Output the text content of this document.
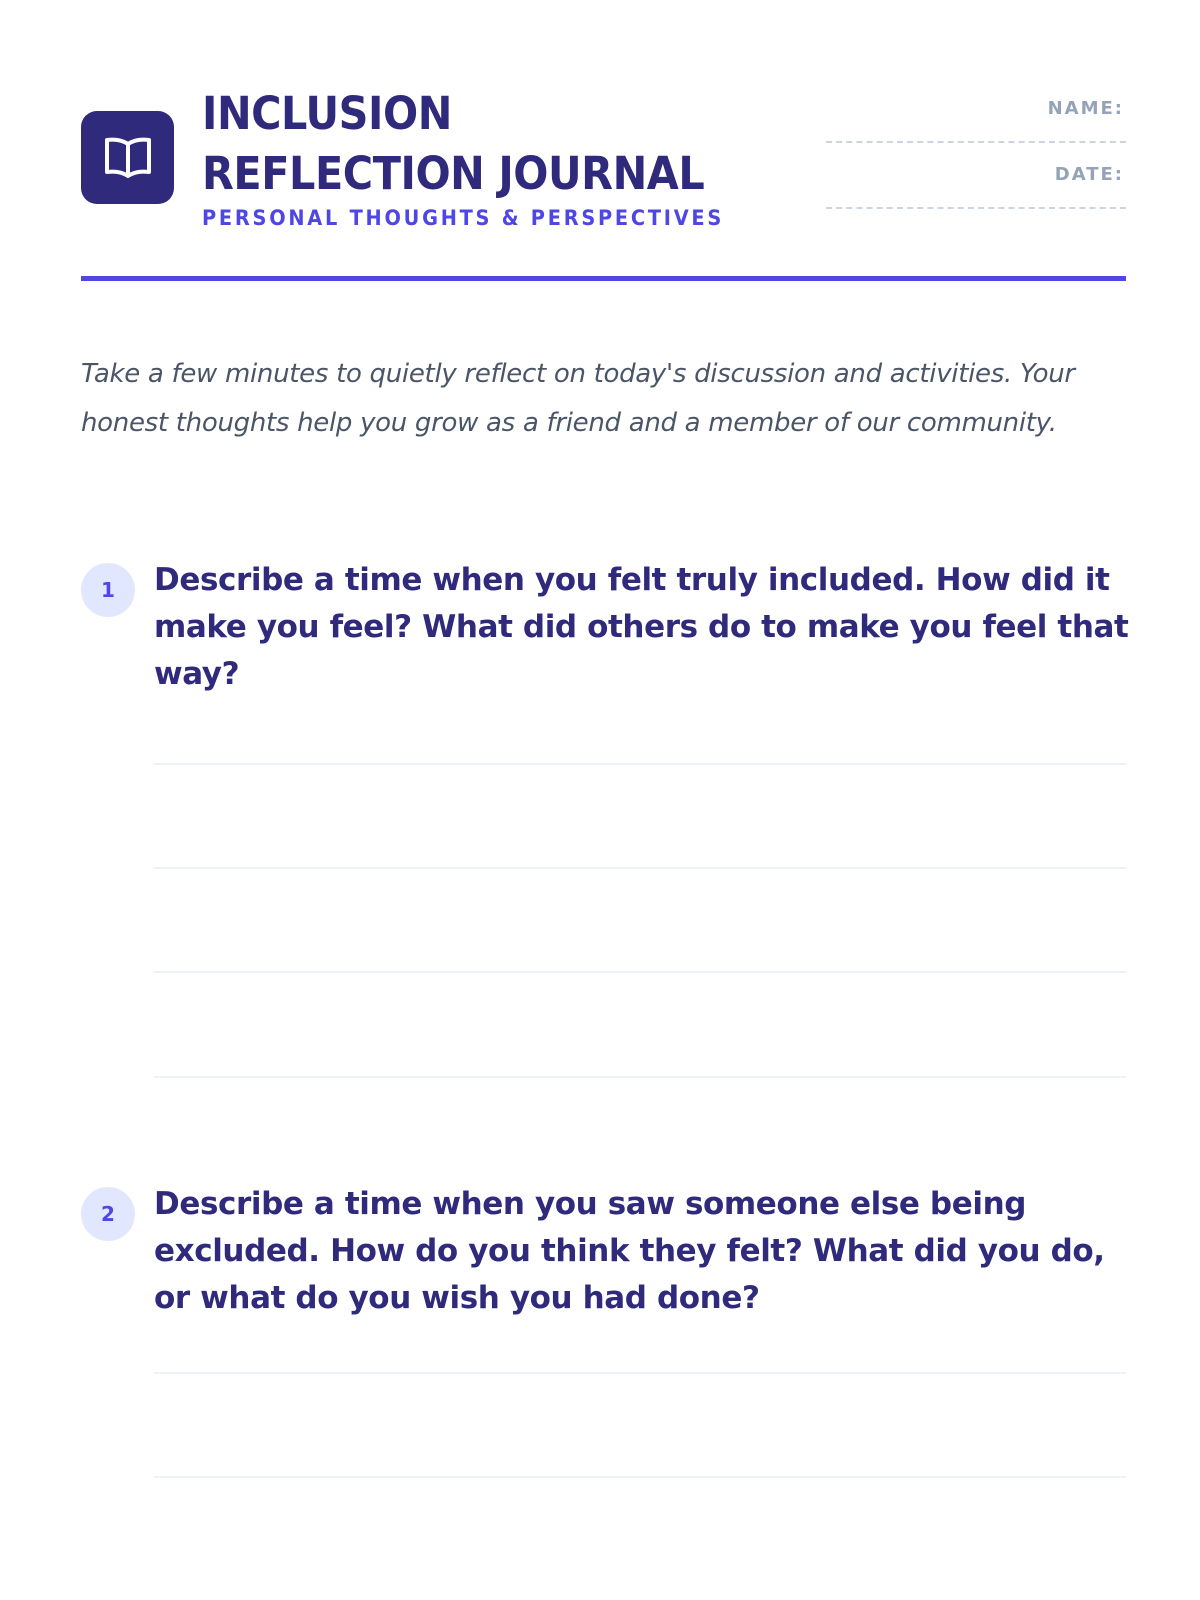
INCLUSION
REFLECTION JOURNAL
PERSONAL THOUGHTS & PERSPECTIVES
NAME:
DATE:
Take a few minutes to quietly reflect on today's discussion and activities. Your honest thoughts help you grow as a friend and a member of our community.
1	Describe a time when you felt truly included. How did it make you feel? What did others do to make you feel that way?
2	Describe a time when you saw someone else being excluded. How do you think they felt? What did you do, or what do you wish you had done?
